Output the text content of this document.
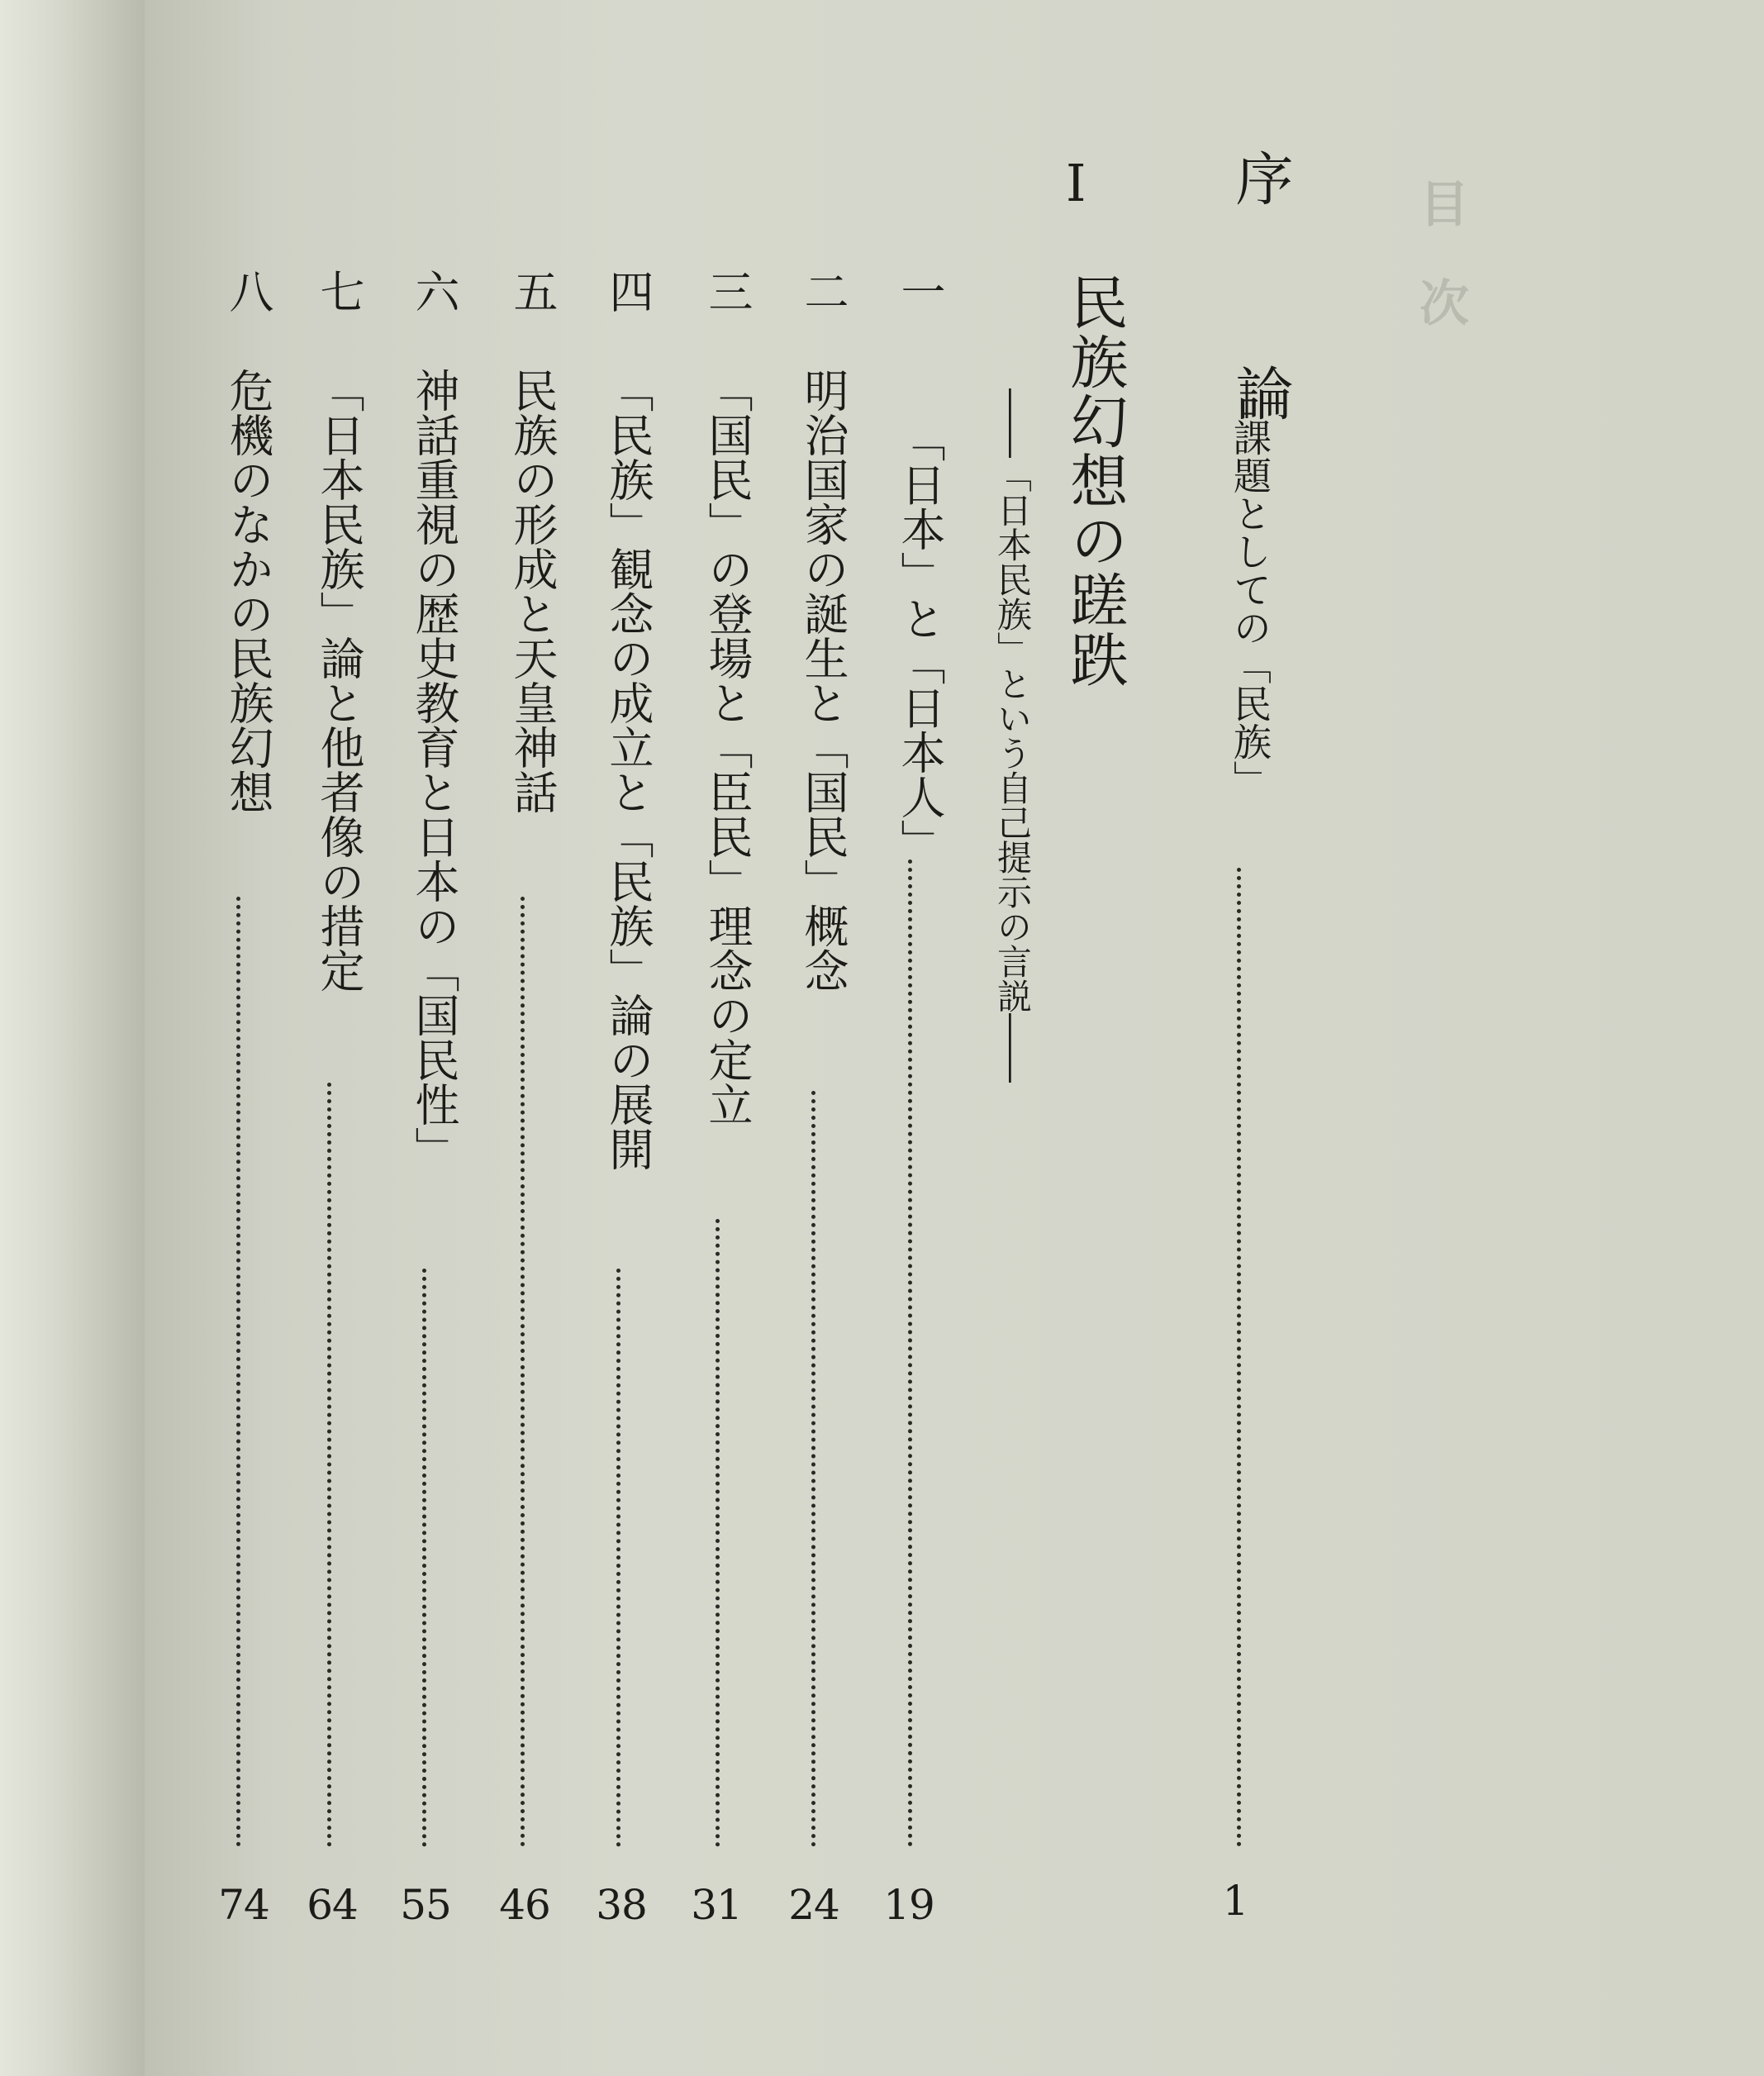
目　次
序　論
―課題としての「民族」
1
I
民族幻想の蹉跌
――「日本民族」という自己提示の言説――
一
「日本」と「日本人」
19
二
明治国家の誕生と「国民」概念
24
三
「国民」の登場と「臣民」理念の定立
31
四
「民族」観念の成立と「民族」論の展開
38
五
民族の形成と天皇神話
46
六
神話重視の歴史教育と日本の「国民性」
55
七
「日本民族」論と他者像の措定
64
八
危機のなかの民族幻想
74
